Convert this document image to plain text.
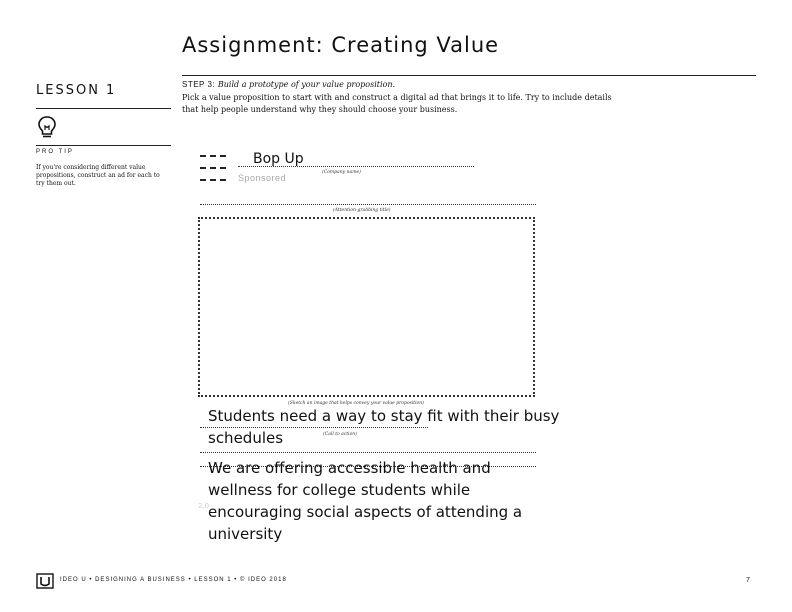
Assignment: Creating Value
LESSON 1
PRO TIP
If you're considering different value propositions, construct an ad for each to try them out.
STEP 3: Build a prototype of your value proposition.
Pick a value proposition to start with and construct a digital ad that brings it to life. Try to include details that help people understand why they should choose your business.
Bop Up
Sponsored
(Company name)
(Attention-grabbing title)
(Sketch an image that helps convey your value proposition)
(Call to action)
Students need a way to stay fit with their busy schedules
2.0
We are offering accessible health and wellness for college students while encouraging social aspects of attending a university
IDEO U • DESIGNING A BUSINESS • LESSON 1 • © IDEO 2018	7
